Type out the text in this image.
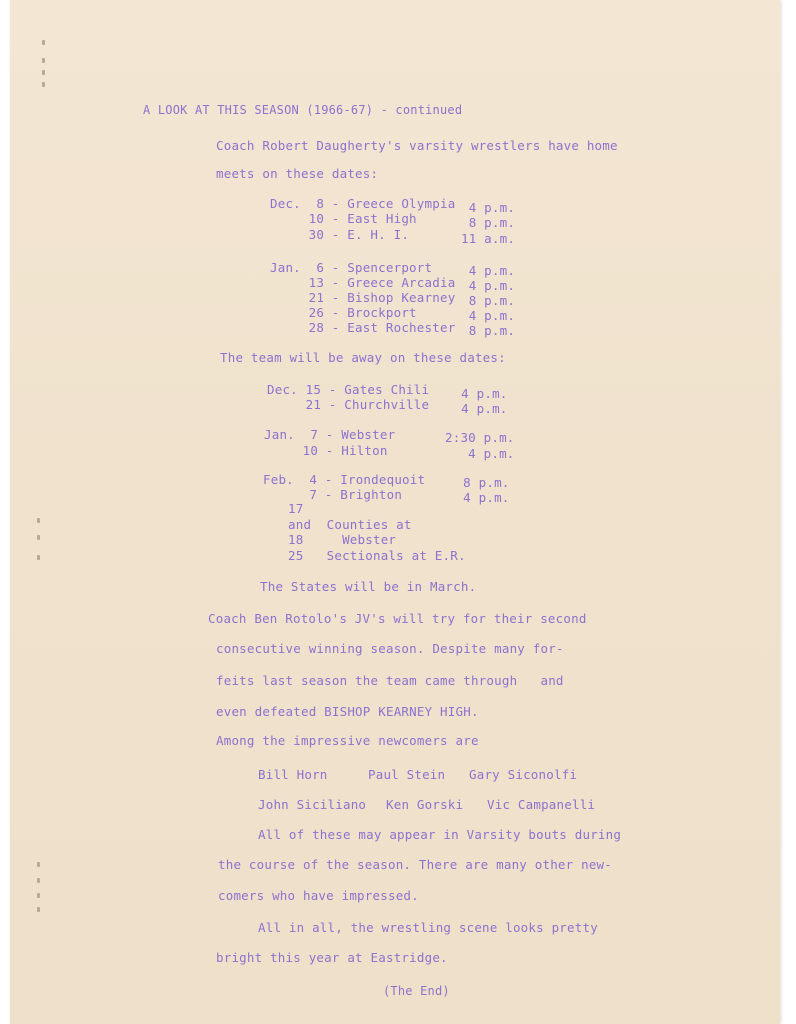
A LOOK AT THIS SEASON (1966-67) - continued
Coach Robert Daugherty's varsity wrestlers have home
meets on these dates:
Dec.  8 - Greece Olympia 4 p.m.
10 - East High	8 p.m.
30 - E. H. I.	11 a.m.
Jan.  6 - Spencerport 4 p.m.
13 - Greece Arcadia 4 p.m.
21 - Bishop Kearney 8 p.m.
26 - Brockport	4 p.m.
28 - East Rochester 8 p.m.
The team will be away on these dates:
Dec. 15 - Gates Chili 4 p.m.
21 - Churchville 4 p.m.
Jan.  7 - Webster	2:30 p.m.
10 - Hilton	4 p.m.
Feb.  4 - Irondequoit 8 p.m.
7 - Brighton	4 p.m.
17
and  Counties at
18     Webster
25   Sectionals at E.R.
The States will be in March.
Coach Ben Rotolo's JV's will try for their second
consecutive winning season. Despite many for-
feits last season the team came through   and
even defeated BISHOP KEARNEY HIGH.
Among the impressive newcomers are
Bill Horn	Paul Stein Gary Siconolfi
John Siciliano Ken Gorski Vic Campanelli
All of these may appear in Varsity bouts during
the course of the season. There are many other new-
comers who have impressed.
All in all, the wrestling scene looks pretty
bright this year at Eastridge.
(The End)
